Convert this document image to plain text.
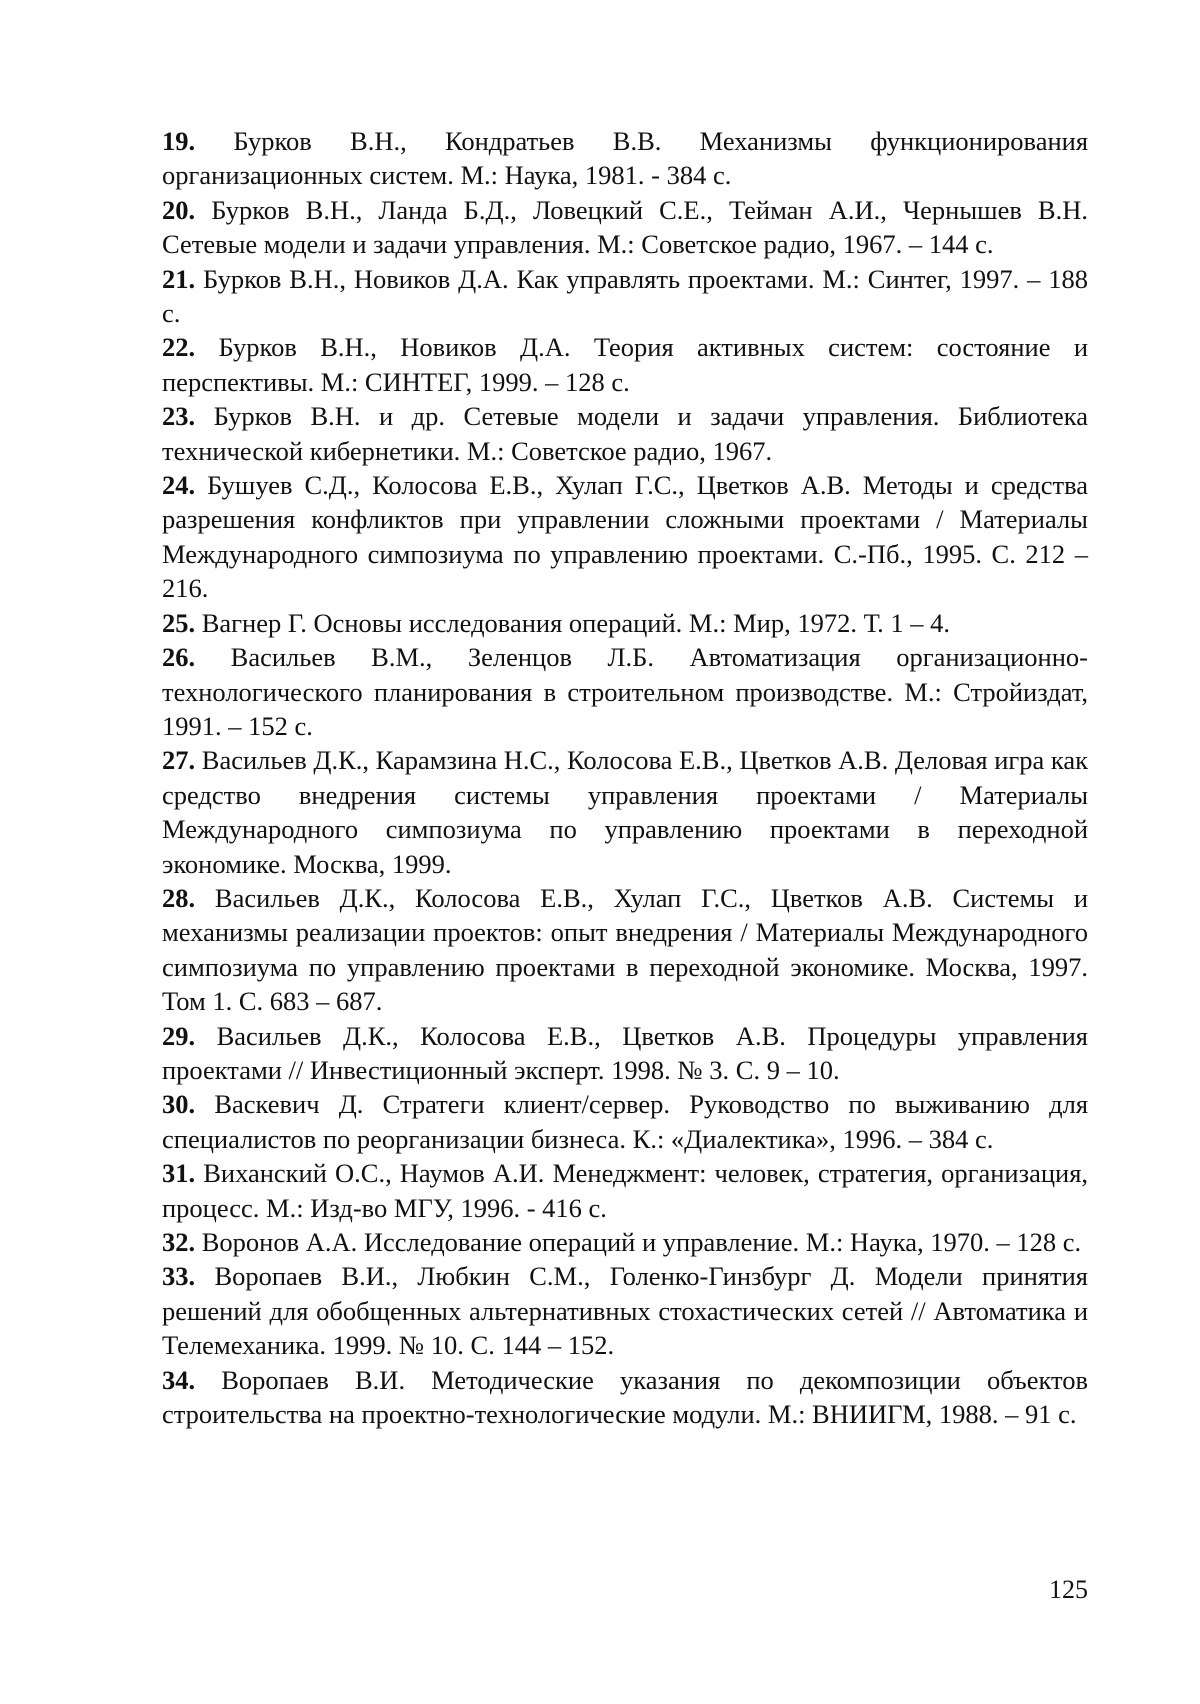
19. Бурков В.Н., Кондратьев В.В. Механизмы функционирования организационных систем. М.: Наука, 1981. - 384 с.
20. Бурков В.Н., Ланда Б.Д., Ловецкий С.Е., Тейман А.И., Чернышев В.Н. Сетевые модели и задачи управления. М.: Советское радио, 1967. – 144 с.
21. Бурков В.Н., Новиков Д.А. Как управлять проектами. М.: Синтег, 1997. – 188 с.
22. Бурков В.Н., Новиков Д.А. Теория активных систем: состояние и перспективы. М.: СИНТЕГ, 1999. – 128 с.
23. Бурков В.Н. и др. Сетевые модели и задачи управления. Библиотека технической кибернетики. М.: Советское радио, 1967.
24. Бушуев С.Д., Колосова Е.В., Хулап Г.С., Цветков А.В. Методы и средства разрешения конфликтов при управлении сложными проектами / Материалы Международного симпозиума по управлению проектами. С.-Пб., 1995. С. 212 – 216.
25. Вагнер Г. Основы исследования операций. М.: Мир, 1972. Т. 1 – 4.
26. Васильев В.М., Зеленцов Л.Б. Автоматизация организационно-технологического планирования в строительном производстве. М.: Стройиздат, 1991. – 152 с.
27. Васильев Д.К., Карамзина Н.С., Колосова Е.В., Цветков А.В. Деловая игра как средство внедрения системы управления проектами / Материалы Международного симпозиума по управлению проектами в переходной экономике. Москва, 1999.
28. Васильев Д.К., Колосова Е.В., Хулап Г.С., Цветков А.В. Системы и механизмы реализации проектов: опыт внедрения / Материалы Международного симпозиума по управлению проектами в переходной экономике. Москва, 1997. Том 1. С. 683 – 687.
29. Васильев Д.К., Колосова Е.В., Цветков А.В. Процедуры управления проектами // Инвестиционный эксперт. 1998. № 3. С. 9 – 10.
30. Васкевич Д. Стратеги клиент/сервер. Руководство по выживанию для специалистов по реорганизации бизнеса. К.: «Диалектика», 1996. – 384 с.
31. Виханский О.С., Наумов А.И. Менеджмент: человек, стратегия, организация, процесс. М.: Изд-во МГУ, 1996. - 416 с.
32. Воронов А.А. Исследование операций и управление. М.: Наука, 1970. – 128 с.
33. Воропаев В.И., Любкин С.М., Голенко-Гинзбург Д. Модели принятия решений для обобщенных альтернативных стохастических сетей // Автоматика и Телемеханика. 1999. № 10. С. 144 – 152.
34. Воропаев В.И. Методические указания по декомпозиции объектов строительства на проектно-технологические модули. М.: ВНИИГМ, 1988. – 91 с.
125
